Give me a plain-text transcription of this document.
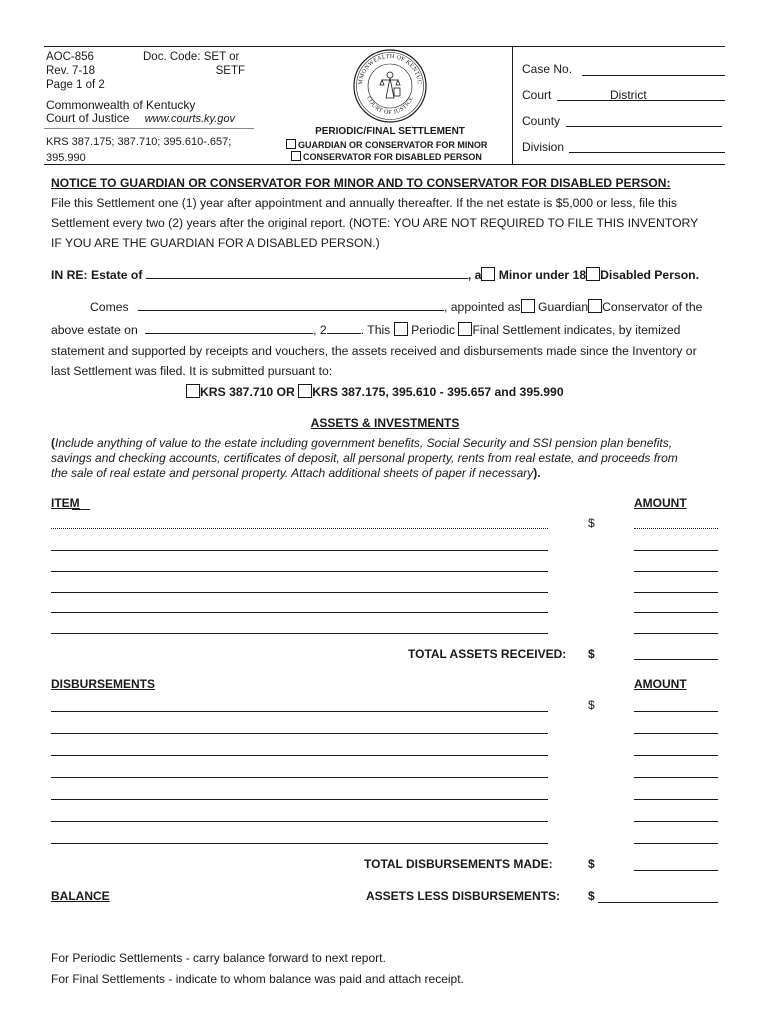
AOC-856
Rev. 7-18
Page 1 of 2
Doc. Code: SET or
SETF
Commonwealth of Kentucky
Court of Justice www.courts.ky.gov
KRS 387.175; 387.710; 395.610-.657;
395.990
MMONWEALTH OF KENTUC
COURT OF JUSTICE
PERIODIC/FINAL SETTLEMENT
GUARDIAN OR CONSERVATOR FOR MINOR
CONSERVATOR FOR DISABLED PERSON
Case No.
Court	District
County
Division
NOTICE TO GUARDIAN OR CONSERVATOR FOR MINOR AND TO CONSERVATOR FOR DISABLED PERSON:
File this Settlement one (1) year after appointment and annually thereafter. If the net estate is $5,000 or less, file this
Settlement every two (2) years after the original report. (NOTE: YOU ARE NOT REQUIRED TO FILE THIS INVENTORY
IF YOU ARE THE GUARDIAN FOR A DISABLED PERSON.)
IN RE: Estate of	, a Minor under 18 Disabled Person.
Comes	, appointed as Guardian Conservator of the
above estate on	, 2	. This Periodic Final Settlement indicates, by itemized
statement and supported by receipts and vouchers, the assets received and disbursements made since the Inventory or
last Settlement was filed. It is submitted pursuant to:
KRS 387.710 OR KRS 387.175, 395.610 - 395.657 and 395.990
ASSETS & INVESTMENTS
(Include anything of value to the estate including government benefits, Social Security and SSI pension plan benefits,
savings and checking accounts, certificates of deposit, all personal property, rents from real estate, and proceeds from
the sale of real estate and personal property. Attach additional sheets of paper if necessary).
ITEM	AMOUNT
$
TOTAL ASSETS RECEIVED: $
DISBURSEMENTS	AMOUNT
$
TOTAL DISBURSEMENTS MADE:	$
BALANCE	ASSETS LESS DISBURSEMENTS: $
For Periodic Settlements - carry balance forward to next report.
For Final Settlements - indicate to whom balance was paid and attach receipt.
